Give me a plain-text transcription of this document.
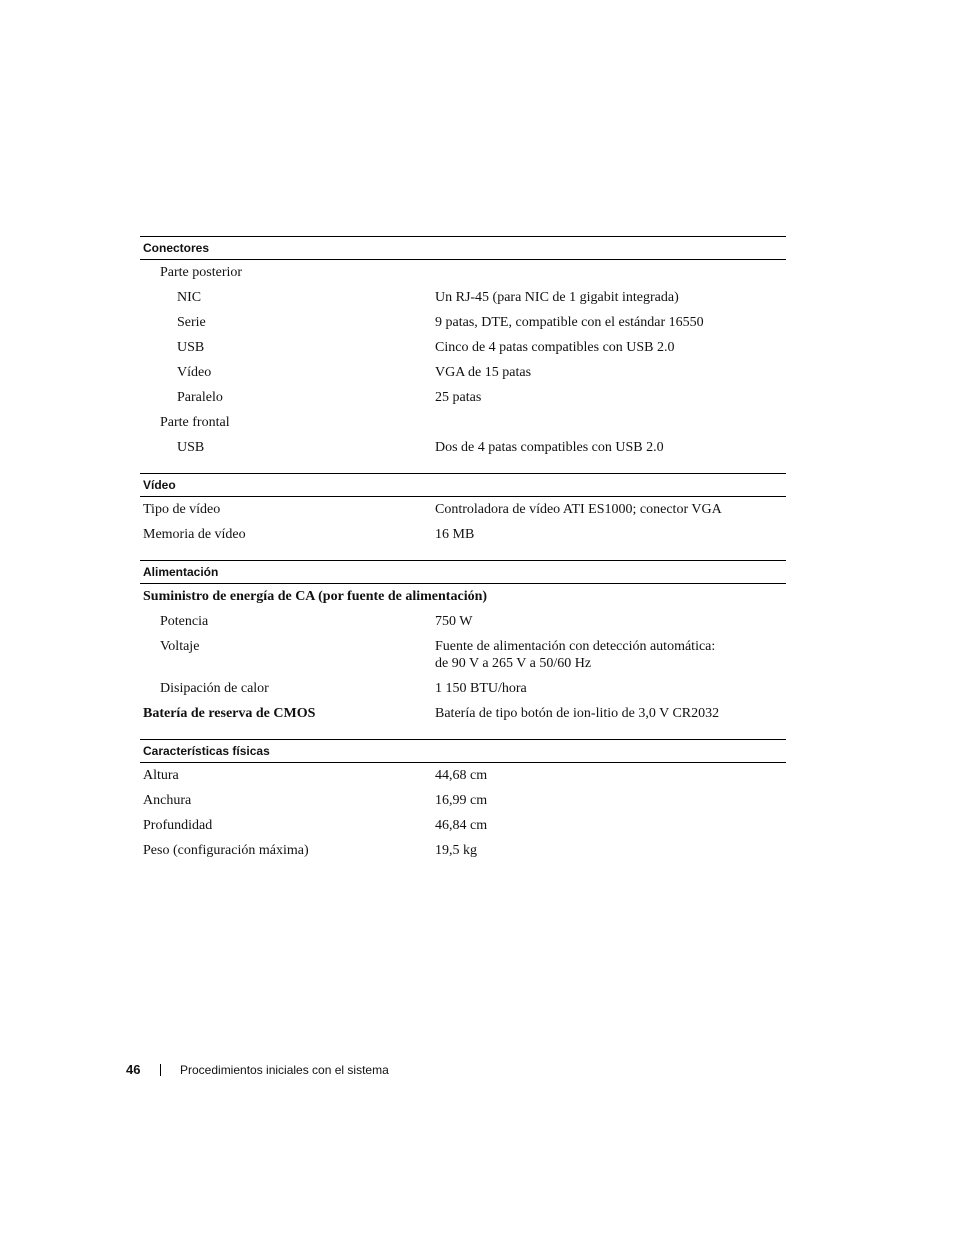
Conectores
Parte posterior
NIC	Un RJ-45 (para NIC de 1 gigabit integrada)
Serie	9 patas, DTE, compatible con el estándar 16550
USB	Cinco de 4 patas compatibles con USB 2.0
Vídeo	VGA de 15 patas
Paralelo	25 patas
Parte frontal
USB	Dos de 4 patas compatibles con USB 2.0
Vídeo
Tipo de vídeo	Controladora de vídeo ATI ES1000; conector VGA
Memoria de vídeo	16 MB
Alimentación
Suministro de energía de CA (por fuente de alimentación)
Potencia	750 W
Voltaje	Fuente de alimentación con detección automática:
de 90 V a 265 V a 50/60 Hz
Disipación de calor	1 150 BTU/hora
Batería de reserva de CMOS	Batería de tipo botón de ion-litio de 3,0 V CR2032
Características físicas
Altura	44,68 cm
Anchura	16,99 cm
Profundidad	46,84 cm
Peso (configuración máxima)	19,5 kg
46	Procedimientos iniciales con el sistema
